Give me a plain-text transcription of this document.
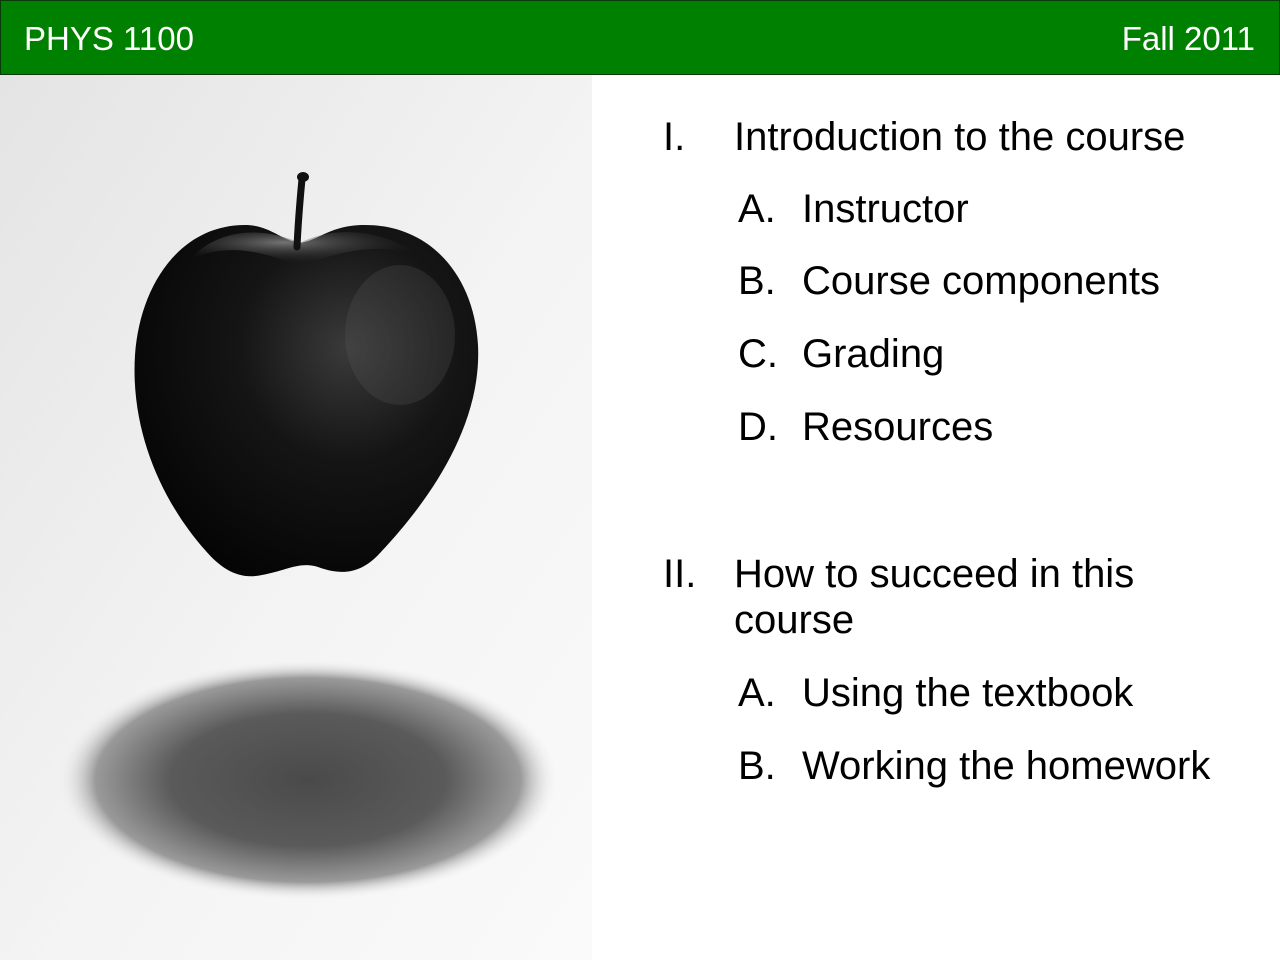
PHYS 1100	Fall 2011
I. Introduction to the course
A. Instructor
B. Course components
C. Grading
D. Resources
II. How to succeed in this
course
A. Using the textbook
B. Working the homework
